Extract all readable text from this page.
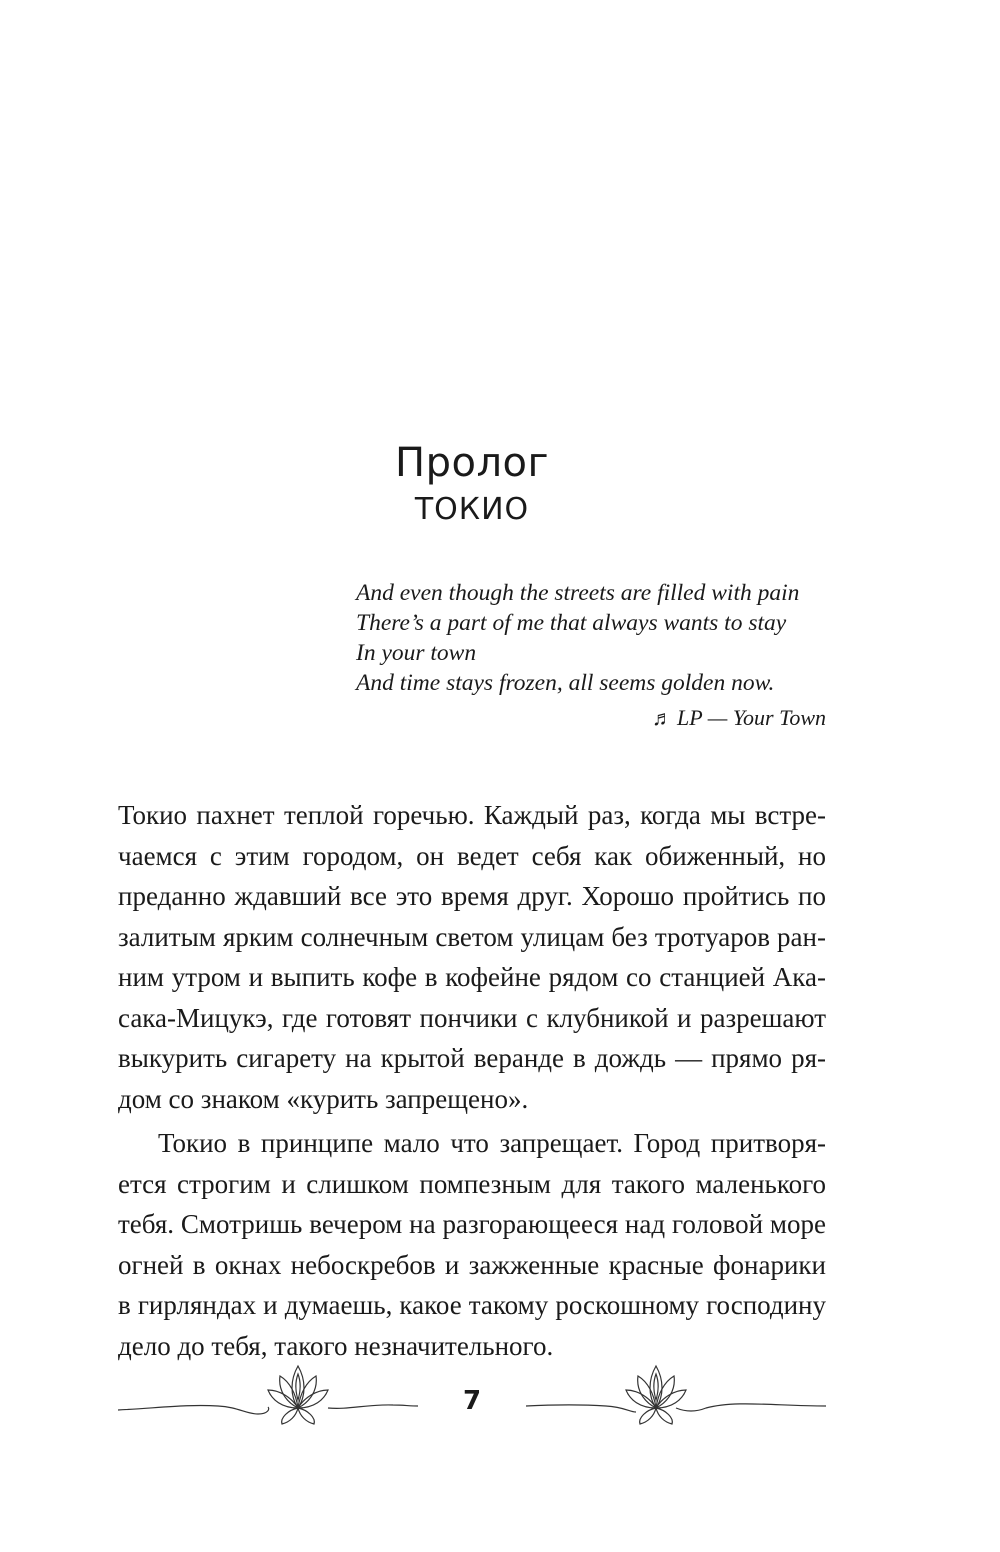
Пролог
ТОКИО
And even though the streets are filled with pain
There’s a part of me that always wants to stay
In your town
And time stays frozen, all seems golden now.
♬ LP — Your Town

Токио пахнет теплой горечью. Каждый раз, когда мы встречаемся с этим городом, он ведет себя как обиженный, но преданно ждавший все это время друг. Хорошо пройтись по залитым ярким солнечным светом улицам без тротуаров ранним утром и выпить кофе в кофейне рядом со станцией Акасака-Мицукэ, где готовят пончики с клубникой и разрешают выкурить сигарету на крытой веранде в дождь — прямо рядом со знаком «курить запрещено».

Токио в принципе мало что запрещает. Город притворяется строгим и слишком помпезным для такого маленького тебя. Смотришь вечером на разгорающееся над головой море огней в окнах небоскребов и зажженные красные фонарики в гирляндах и думаешь, какое такому роскошному господину дело до тебя, такого незначительного.

7
